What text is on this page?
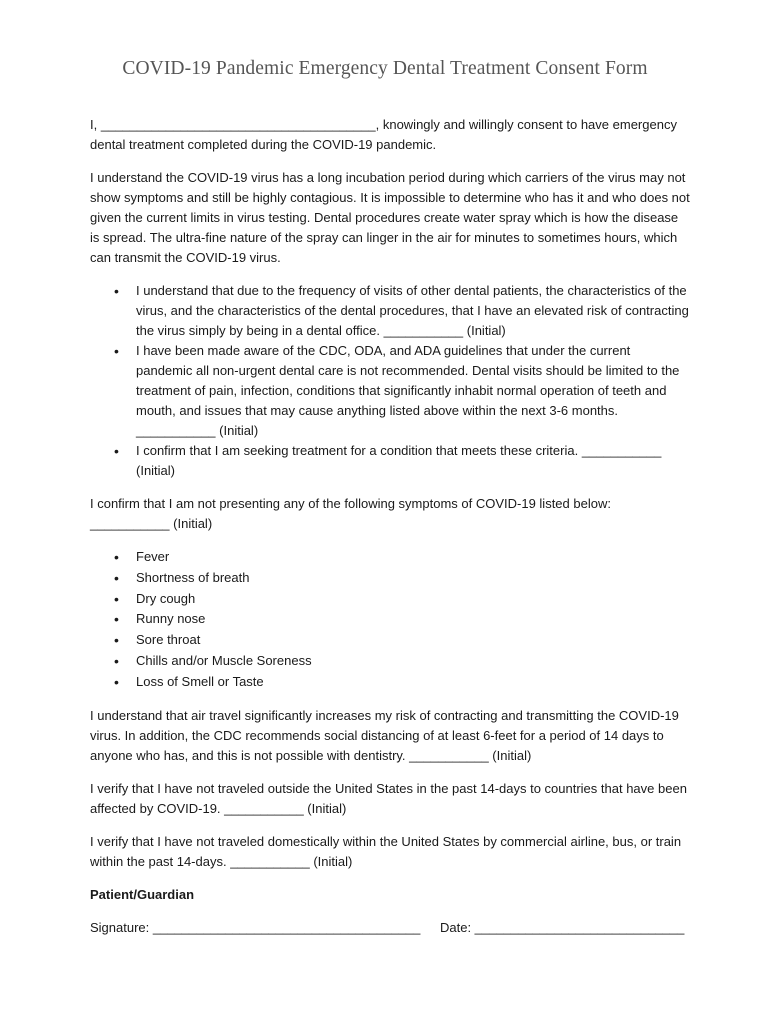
COVID-19 Pandemic Emergency Dental Treatment Consent Form

I, ______________________________________, knowingly and willingly consent to have emergency dental treatment completed during the COVID-19 pandemic.

I understand the COVID-19 virus has a long incubation period during which carriers of the virus may not show symptoms and still be highly contagious. It is impossible to determine who has it and who does not given the current limits in virus testing. Dental procedures create water spray which is how the disease is spread. The ultra-fine nature of the spray can linger in the air for minutes to sometimes hours, which can transmit the COVID-19 virus.

• I understand that due to the frequency of visits of other dental patients, the characteristics of the virus, and the characteristics of the dental procedures, that I have an elevated risk of contracting the virus simply by being in a dental office. ___________ (Initial)
• I have been made aware of the CDC, ODA, and ADA guidelines that under the current pandemic all non-urgent dental care is not recommended. Dental visits should be limited to the treatment of pain, infection, conditions that significantly inhabit normal operation of teeth and mouth, and issues that may cause anything listed above within the next 3-6 months. ___________ (Initial)
• I confirm that I am seeking treatment for a condition that meets these criteria. ___________ (Initial)

I confirm that I am not presenting any of the following symptoms of COVID-19 listed below: ___________ (Initial)

• Fever
• Shortness of breath
• Dry cough
• Runny nose
• Sore throat
• Chills and/or Muscle Soreness
• Loss of Smell or Taste

I understand that air travel significantly increases my risk of contracting and transmitting the COVID-19 virus. In addition, the CDC recommends social distancing of at least 6-feet for a period of 14 days to anyone who has, and this is not possible with dentistry. ___________ (Initial)

I verify that I have not traveled outside the United States in the past 14-days to countries that have been affected by COVID-19. ___________ (Initial)

I verify that I have not traveled domestically within the United States by commercial airline, bus, or train within the past 14-days. ___________ (Initial)

Patient/Guardian

Signature: _____________________________________	Date: _____________________________
